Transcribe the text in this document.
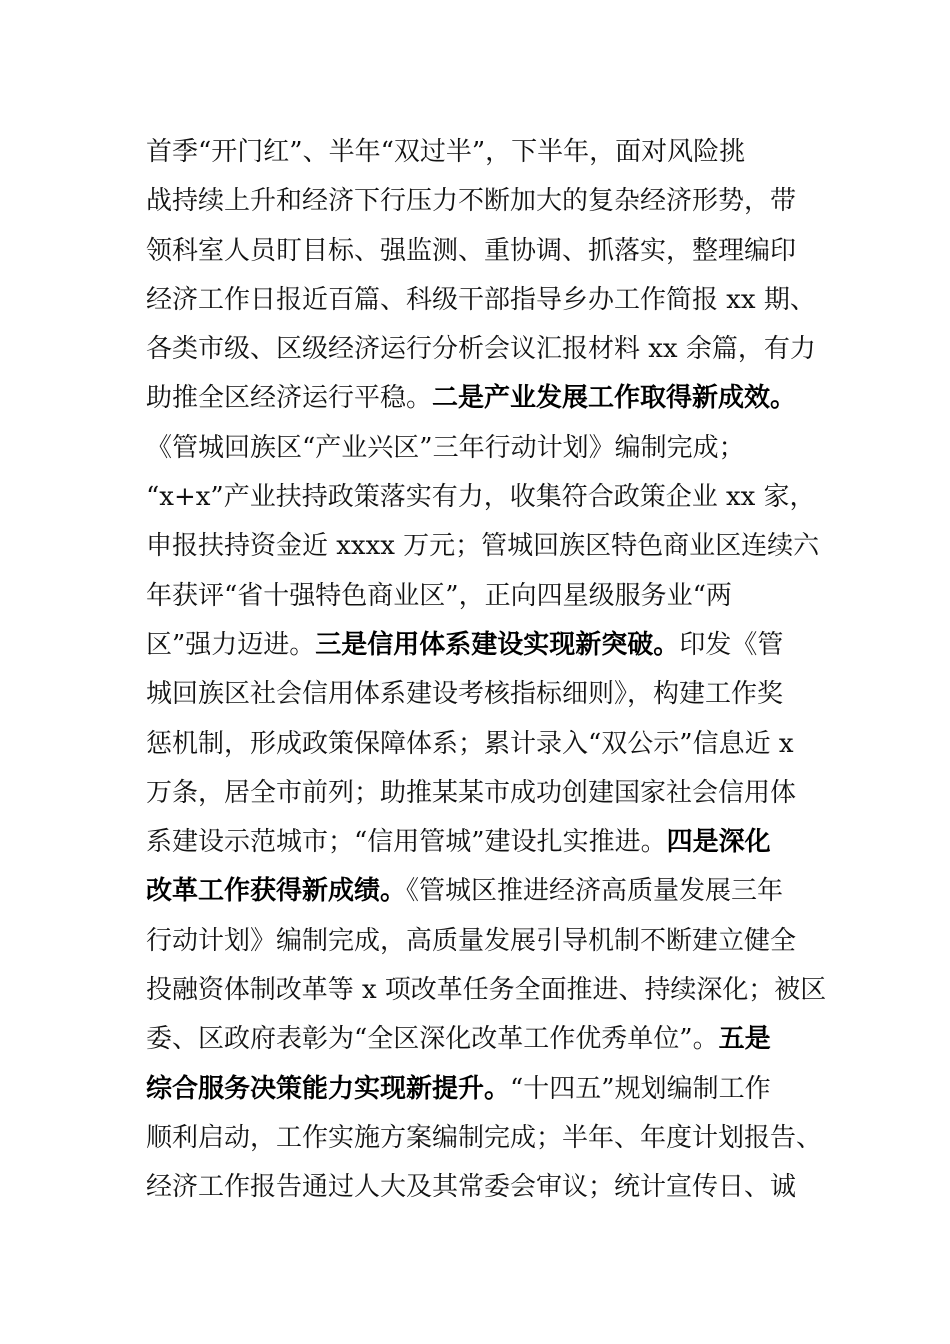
首季“开门红”、半年“双过半”，下半年，面对风险挑
战持续上升和经济下行压力不断加大的复杂经济形势，带
领科室人员盯目标、强监测、重协调、抓落实，整理编印
经济工作日报近百篇、科级干部指导乡办工作简报 xx 期、
各类市级、区级经济运行分析会议汇报材料 xx 余篇，有力
助推全区经济运行平稳。二是产业发展工作取得新成效。
《管城回族区“产业兴区”三年行动计划》编制完成；
“x+x”产业扶持政策落实有力，收集符合政策企业 xx 家，
申报扶持资金近 xxxx 万元；管城回族区特色商业区连续六
年获评“省十强特色商业区”，正向四星级服务业“两
区”强力迈进。三是信用体系建设实现新突破。印发《管
城回族区社会信用体系建设考核指标细则》，构建工作奖
惩机制，形成政策保障体系；累计录入“双公示”信息近 x
万条，居全市前列；助推某某市成功创建国家社会信用体
系建设示范城市；“信用管城”建设扎实推进。四是深化
改革工作获得新成绩。《管城区推进经济高质量发展三年
行动计划》编制完成，高质量发展引导机制不断建立健全
投融资体制改革等 x 项改革任务全面推进、持续深化；被区
委、区政府表彰为“全区深化改革工作优秀单位”。五是
综合服务决策能力实现新提升。“十四五”规划编制工作
顺利启动，工作实施方案编制完成；半年、年度计划报告、
经济工作报告通过人大及其常委会审议；统计宣传日、诚
